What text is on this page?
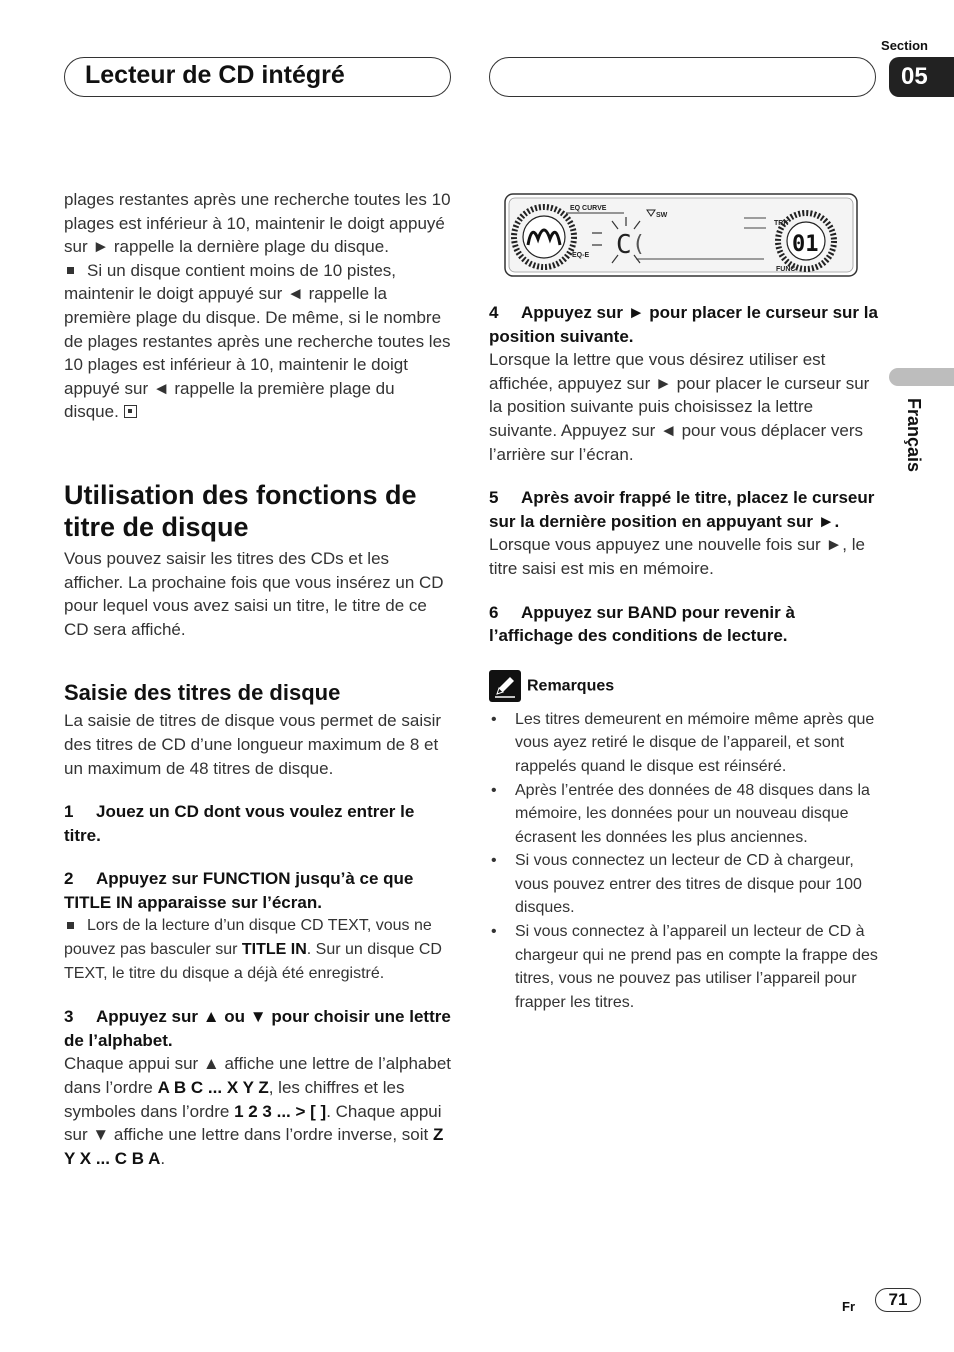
Lecteur de CD intégré
Section
05
Français

plages restantes après une recherche toutes les 10 plages est inférieur à 10, maintenir le doigt appuyé sur ► rappelle la dernière plage du disque.

Si un disque contient moins de 10 pistes, maintenir le doigt appuyé sur ◄ rappelle la première plage du disque. De même, si le nombre de plages restantes après une recherche toutes les 10 plages est inférieur à 10, maintenir le doigt appuyé sur ◄ rappelle la première plage du disque.

Utilisation des fonctions de titre de disque

Vous pouvez saisir les titres des CDs et les afficher. La prochaine fois que vous insérez un CD pour lequel vous avez saisi un titre, le titre de ce CD sera affiché.

Saisie des titres de disque

La saisie de titres de disque vous permet de saisir des titres de CD d’une longueur maximum de 8 et un maximum de 48 titres de disque.

1 Jouez un CD dont vous voulez entrer le titre.

2 Appuyez sur FUNCTION jusqu’à ce que TITLE IN apparaisse sur l’écran.

Lors de la lecture d’un disque CD TEXT, vous ne pouvez pas basculer sur TITLE IN. Sur un disque CD TEXT, le titre du disque a déjà été enregistré.

3 Appuyez sur ▲ ou ▼ pour choisir une lettre de l’alphabet.

Chaque appui sur ▲ affiche une lettre de l’alphabet dans l’ordre A B C ... X Y Z, les chiffres et les symboles dans l’ordre 1 2 3 ... > [ ]. Chaque appui sur ▼ affiche une lettre dans l’ordre inverse, soit Z Y X ... C B A.

EQ CURVE
EQ-E
SW
C (
TRK
FUNC
01

4 Appuyez sur ► pour placer le curseur sur la position suivante.

Lorsque la lettre que vous désirez utiliser est affichée, appuyez sur ► pour placer le curseur sur la position suivante puis choisissez la lettre suivante. Appuyez sur ◄ pour vous déplacer vers l’arrière sur l’écran.

5 Après avoir frappé le titre, placez le curseur sur la dernière position en appuyant sur ►.

Lorsque vous appuyez une nouvelle fois sur ►, le titre saisi est mis en mémoire.

6 Appuyez sur BAND pour revenir à l’affichage des conditions de lecture.

Remarques
• Les titres demeurent en mémoire même après que vous ayez retiré le disque de l’appareil, et sont rappelés quand le disque est réinséré.
• Après l’entrée des données de 48 disques dans la mémoire, les données pour un nouveau disque écrasent les données les plus anciennes.
• Si vous connectez un lecteur de CD à chargeur, vous pouvez entrer des titres de disque pour 100 disques.
• Si vous connectez à l’appareil un lecteur de CD à chargeur qui ne prend pas en compte la frappe des titres, vous ne pouvez pas utiliser l’appareil pour frapper les titres.
Fr	71
